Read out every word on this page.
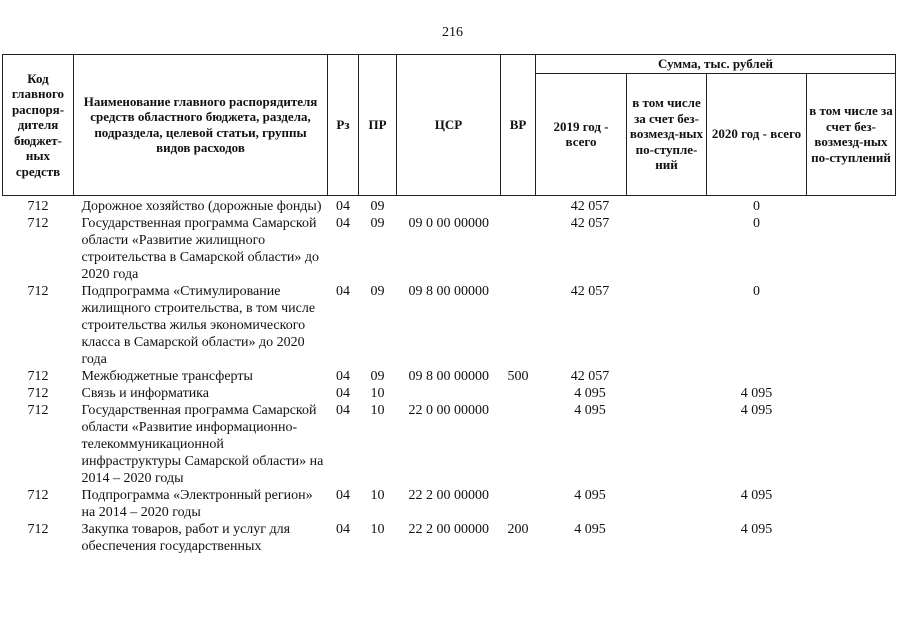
216
Код главного распоря-дителя бюджет-ных средств	Наименование главного распорядителя средств областного бюджета, раздела, подраздела, целевой статьи, группы видов расходов	Рз	ПР	ЦСР	ВР	Сумма, тыс. рублей			
						2019 год - всего	в том числе за счет без-возмезд-ных по-ступле-ний	2020 год - всего	в том числе за счет без-возмезд-ных по-ступлений
712	Дорожное хозяйство (дорожные фонды)	04	09			42 057		0	
712	Государственная программа Самарской области «Развитие жилищного строительства в Самарской области» до 2020 года	04	09	09 0 00 00000		42 057		0	
712	Подпрограмма «Стимулирование жилищного строительства, в том числе строительства жилья экономического класса в Самарской области» до 2020 года	04	09	09 8 00 00000		42 057		0	
712	Межбюджетные трансферты	04	09	09 8 00 00000	500	42 057			
712	Связь и информатика	04	10			4 095		4 095	
712	Государственная программа Самарской области «Развитие информационно-телекоммуникационной инфраструктуры Самарской области» на 2014 – 2020 годы	04	10	22 0 00 00000		4 095		4 095	
712	Подпрограмма «Электронный регион» на 2014 – 2020 годы	04	10	22 2 00 00000		4 095		4 095	
712	Закупка товаров, работ и услуг для обеспечения государственных	04	10	22 2 00 00000	200	4 095		4 095	
